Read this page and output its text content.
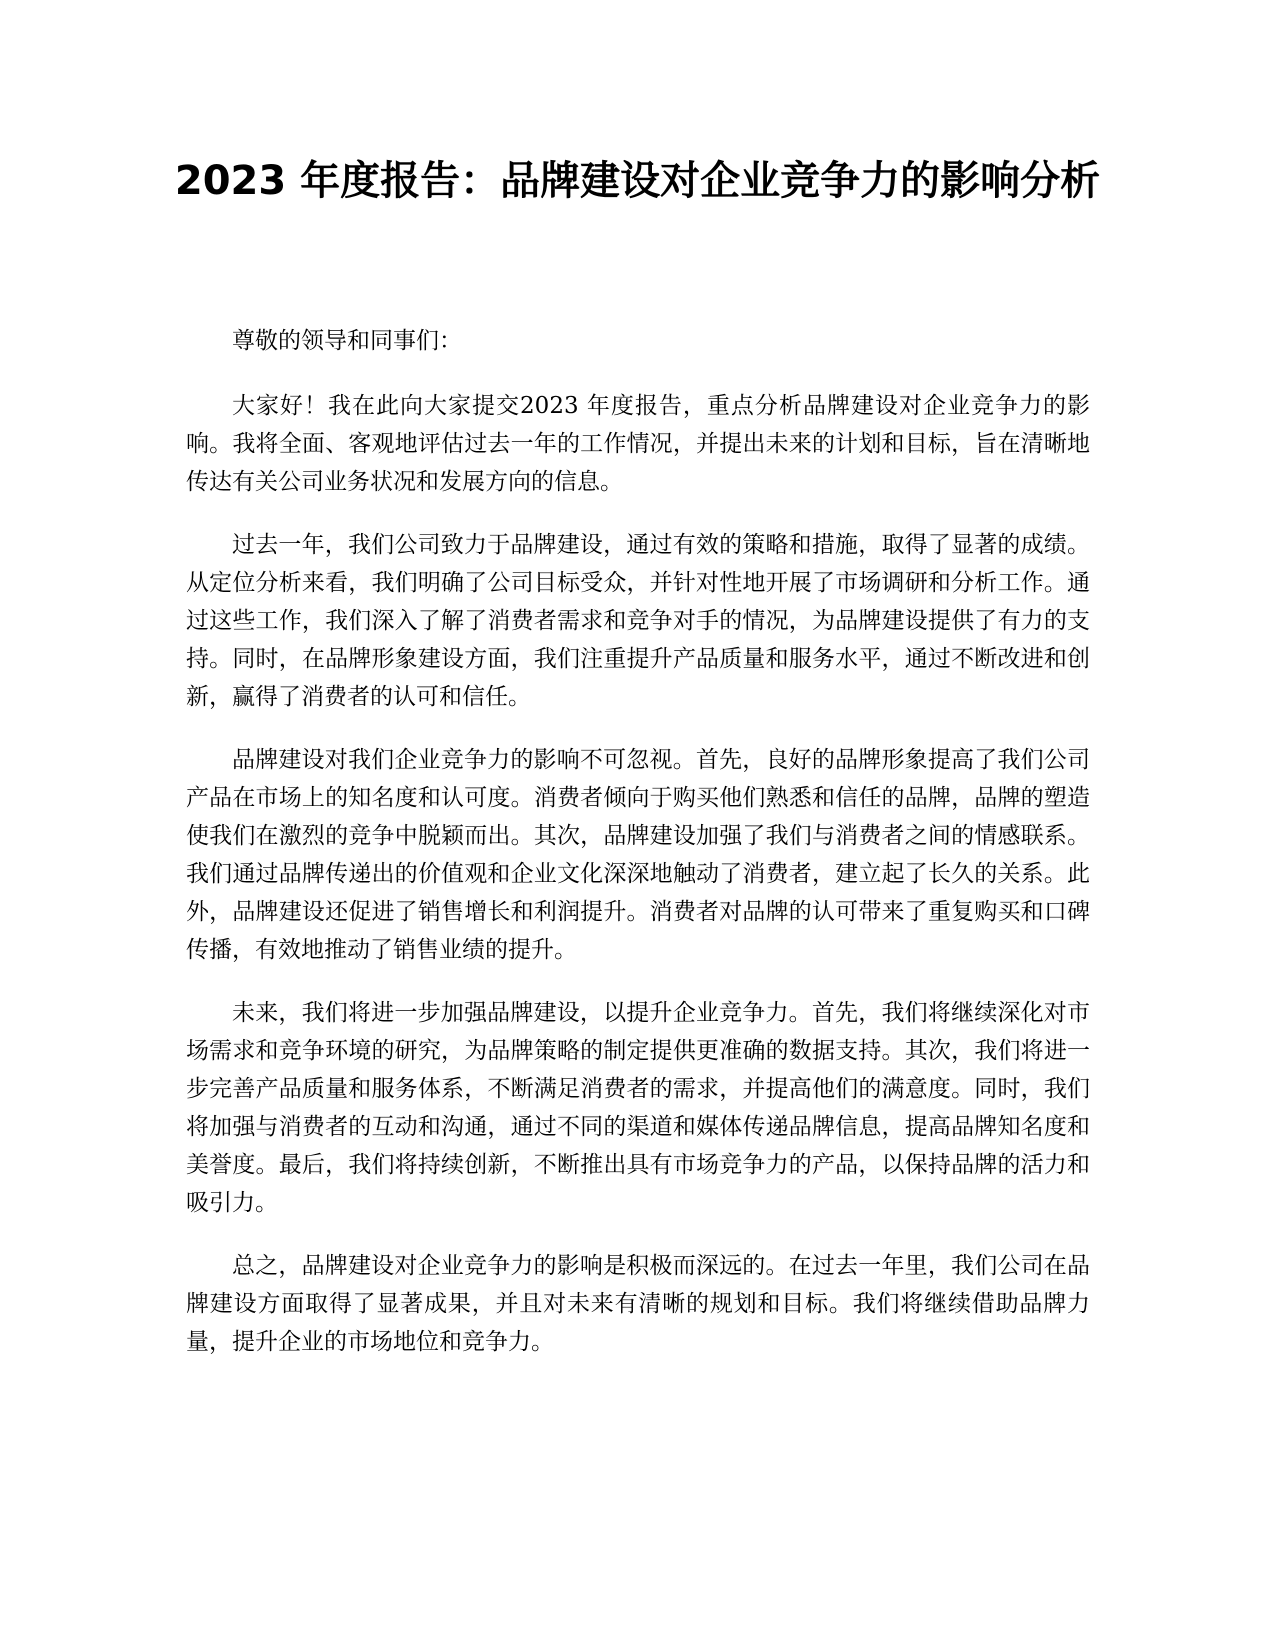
2023 年度报告：品牌建设对企业竞争力的影响分析

尊敬的领导和同事们：

大家好！我在此向大家提交2023 年度报告，重点分析品牌建设对企业竞争力的影响。我将全面、客观地评估过去一年的工作情况，并提出未来的计划和目标，旨在清晰地传达有关公司业务状况和发展方向的信息。

过去一年，我们公司致力于品牌建设，通过有效的策略和措施，取得了显著的成绩。从定位分析来看，我们明确了公司目标受众，并针对性地开展了市场调研和分析工作。通过这些工作，我们深入了解了消费者需求和竞争对手的情况，为品牌建设提供了有力的支持。同时，在品牌形象建设方面，我们注重提升产品质量和服务水平，通过不断改进和创新，赢得了消费者的认可和信任。

品牌建设对我们企业竞争力的影响不可忽视。首先，良好的品牌形象提高了我们公司产品在市场上的知名度和认可度。消费者倾向于购买他们熟悉和信任的品牌，品牌的塑造使我们在激烈的竞争中脱颖而出。其次，品牌建设加强了我们与消费者之间的情感联系。我们通过品牌传递出的价值观和企业文化深深地触动了消费者，建立起了长久的关系。此外，品牌建设还促进了销售增长和利润提升。消费者对品牌的认可带来了重复购买和口碑传播，有效地推动了销售业绩的提升。

未来，我们将进一步加强品牌建设，以提升企业竞争力。首先，我们将继续深化对市场需求和竞争环境的研究，为品牌策略的制定提供更准确的数据支持。其次，我们将进一步完善产品质量和服务体系，不断满足消费者的需求，并提高他们的满意度。同时，我们将加强与消费者的互动和沟通，通过不同的渠道和媒体传递品牌信息，提高品牌知名度和美誉度。最后，我们将持续创新，不断推出具有市场竞争力的产品，以保持品牌的活力和吸引力。

总之，品牌建设对企业竞争力的影响是积极而深远的。在过去一年里，我们公司在品牌建设方面取得了显著成果，并且对未来有清晰的规划和目标。我们将继续借助品牌力量，提升企业的市场地位和竞争力。
